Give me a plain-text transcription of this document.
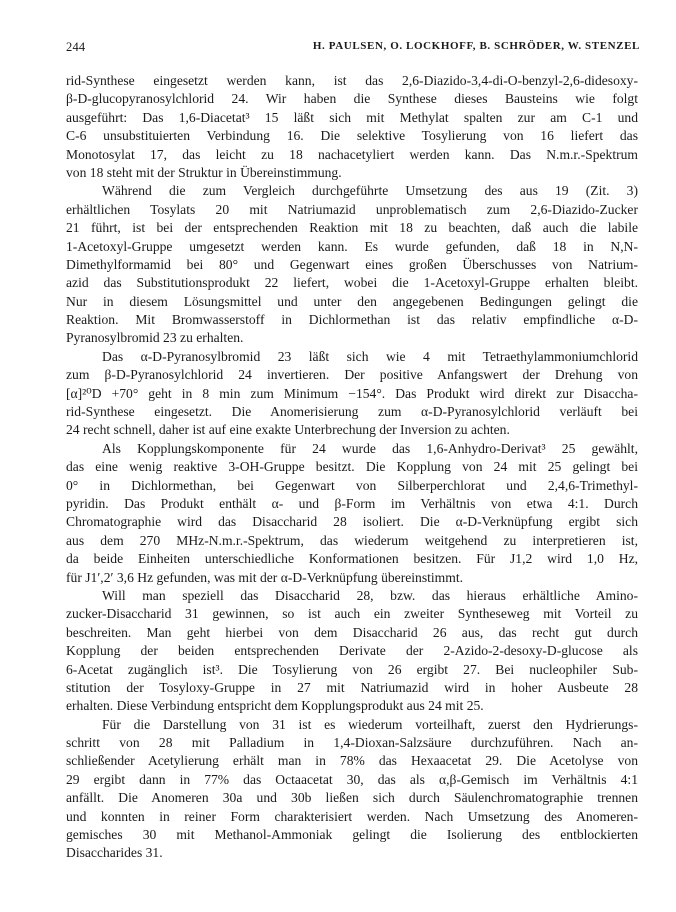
244	H. PAULSEN, O. LOCKHOFF, B. SCHRÖDER, W. STENZEL
rid-Synthese eingesetzt werden kann, ist das 2,6-Diazido-3,4-di-O-benzyl-2,6-didesoxy-
β-D-glucopyranosylchlorid 24. Wir haben die Synthese dieses Bausteins wie folgt
ausgeführt: Das 1,6-Diacetat³ 15 läßt sich mit Methylat spalten zur am C-1 und
C-6 unsubstituierten Verbindung 16. Die selektive Tosylierung von 16 liefert das
Monotosylat 17, das leicht zu 18 nachacetyliert werden kann. Das N.m.r.-Spektrum
von 18 steht mit der Struktur in Übereinstimmung.
Während die zum Vergleich durchgeführte Umsetzung des aus 19 (Zit. 3)
erhältlichen Tosylats 20 mit Natriumazid unproblematisch zum 2,6-Diazido-Zucker
21 führt, ist bei der entsprechenden Reaktion mit 18 zu beachten, daß auch die labile
1-Acetoxyl-Gruppe umgesetzt werden kann. Es wurde gefunden, daß 18 in N,N-
Dimethylformamid bei 80° und Gegenwart eines großen Überschusses von Natrium-
azid das Substitutionsprodukt 22 liefert, wobei die 1-Acetoxyl-Gruppe erhalten bleibt.
Nur in diesem Lösungsmittel und unter den angegebenen Bedingungen gelingt die
Reaktion. Mit Bromwasserstoff in Dichlormethan ist das relativ empfindliche α-D-
Pyranosylbromid 23 zu erhalten.
Das α-D-Pyranosylbromid 23 läßt sich wie 4 mit Tetraethylammoniumchlorid
zum β-D-Pyranosylchlorid 24 invertieren. Der positive Anfangswert der Drehung von
[α]²⁰D +70° geht in 8 min zum Minimum −154°. Das Produkt wird direkt zur Disaccha-
rid-Synthese eingesetzt. Die Anomerisierung zum α-D-Pyranosylchlorid verläuft bei
24 recht schnell, daher ist auf eine exakte Unterbrechung der Inversion zu achten.
Als Kopplungskomponente für 24 wurde das 1,6-Anhydro-Derivat³ 25 gewählt,
das eine wenig reaktive 3-OH-Gruppe besitzt. Die Kopplung von 24 mit 25 gelingt bei
0° in Dichlormethan, bei Gegenwart von Silberperchlorat und 2,4,6-Trimethyl-
pyridin. Das Produkt enthält α- und β-Form im Verhältnis von etwa 4:1. Durch
Chromatographie wird das Disaccharid 28 isoliert. Die α-D-Verknüpfung ergibt sich
aus dem 270 MHz-N.m.r.-Spektrum, das wiederum weitgehend zu interpretieren ist,
da beide Einheiten unterschiedliche Konformationen besitzen. Für J1,2 wird 1,0 Hz,
für J1′,2′ 3,6 Hz gefunden, was mit der α-D-Verknüpfung übereinstimmt.
Will man speziell das Disaccharid 28, bzw. das hieraus erhältliche Amino-
zucker-Disaccharid 31 gewinnen, so ist auch ein zweiter Syntheseweg mit Vorteil zu
beschreiten. Man geht hierbei von dem Disaccharid 26 aus, das recht gut durch
Kopplung der beiden entsprechenden Derivate der 2-Azido-2-desoxy-D-glucose als
6-Acetat zugänglich ist³. Die Tosylierung von 26 ergibt 27. Bei nucleophiler Sub-
stitution der Tosyloxy-Gruppe in 27 mit Natriumazid wird in hoher Ausbeute 28
erhalten. Diese Verbindung entspricht dem Kopplungsprodukt aus 24 mit 25.
Für die Darstellung von 31 ist es wiederum vorteilhaft, zuerst den Hydrierungs-
schritt von 28 mit Palladium in 1,4-Dioxan-Salzsäure durchzuführen. Nach an-
schließender Acetylierung erhält man in 78% das Hexaacetat 29. Die Acetolyse von
29 ergibt dann in 77% das Octaacetat 30, das als α,β-Gemisch im Verhältnis 4:1
anfällt. Die Anomeren 30a und 30b ließen sich durch Säulenchromatographie trennen
und konnten in reiner Form charakterisiert werden. Nach Umsetzung des Anomeren-
gemisches 30 mit Methanol-Ammoniak gelingt die Isolierung des entblockierten
Disaccharides 31.
